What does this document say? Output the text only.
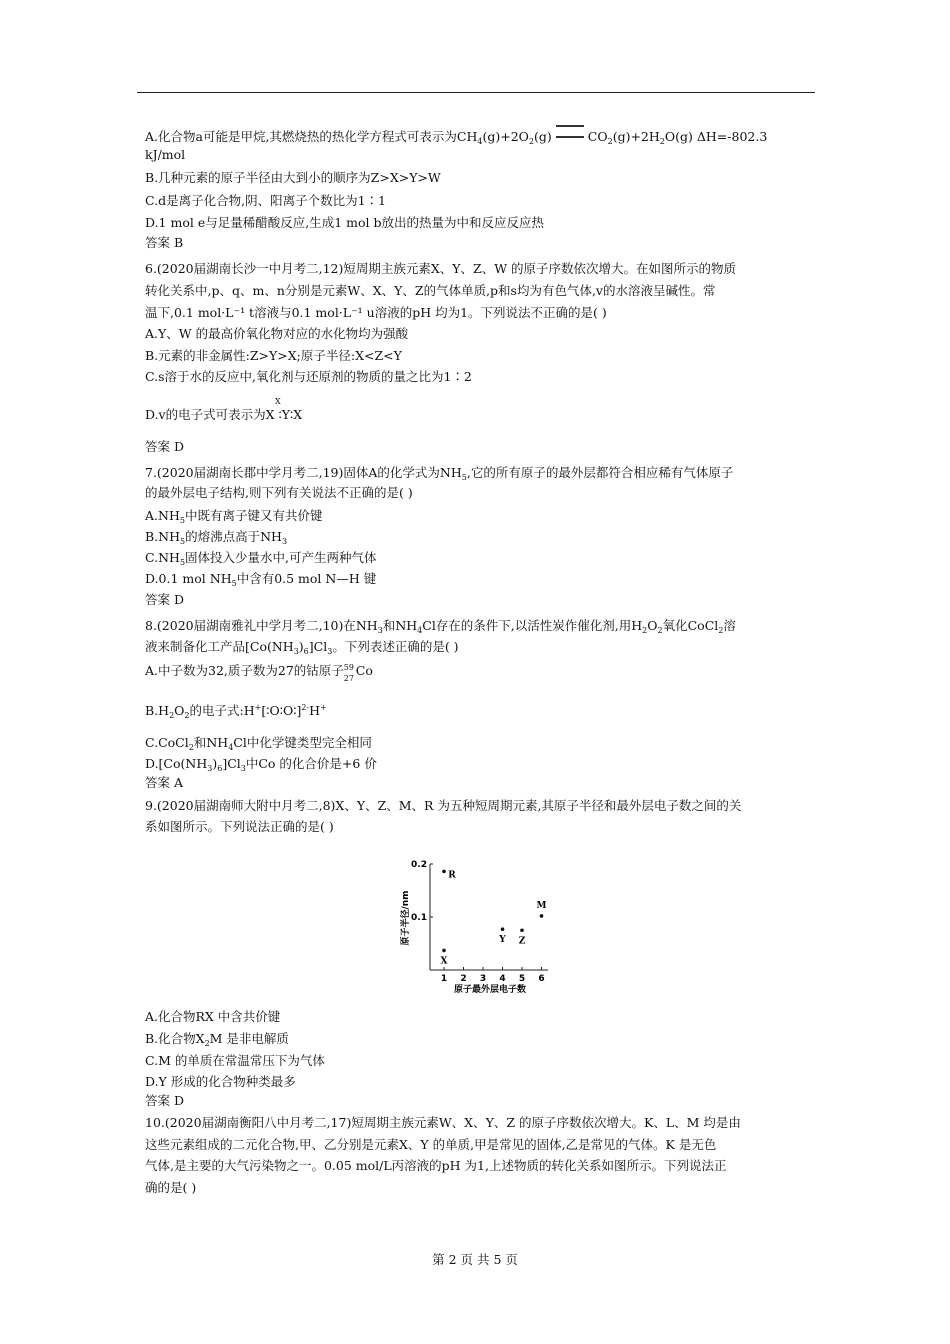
A.化合物a可能是甲烷,其燃烧热的热化学方程式可表示为$CH_4(g)+2O_2(g)$	$CO_2(g)+2H_2O(g)$ ΔH=-802.3
kJ/mol
B.几种元素的原子半径由大到小的顺序为Z>X>Y>W
C.d是离子化合物,阴、阳离子个数比为1∶1
D.1 mol e与足量稀醋酸反应,生成1 mol b放出的热量为中和反应反应热
答案 B
6.(2020届湖南长沙一中月考二,12)短周期主族元素X、Y、Z、W 的原子序数依次增大。在如图所示的物质
转化关系中,p、q、m、n分别是元素W、X、Y、Z的气体单质,p和s均为有色气体,v的水溶液呈碱性。常
温下,0.1 mol·L⁻¹ t溶液与0.1 mol·L⁻¹ u溶液的pH 均为1。下列说法不正确的是( )
A.Y、W 的最高价氧化物对应的水化物均为强酸
B.元素的非金属性:Z>Y>X;原子半径:X<Z<Y
C.s溶于水的反应中,氧化剂与还原剂的物质的量之比为1∶2
X
D.v的电子式可表示为X ∶Y∶X
答案 D
7.(2020届湖南长郡中学月考二,19)固体A的化学式为$NH_5$,它的所有原子的最外层都符合相应稀有气体原子
的最外层电子结构,则下列有关说法不正确的是( )
$A.NH_5$中既有离子键又有共价键
$B.NH_5$的熔沸点高于$NH_3$
$C.NH_5$固体投入少量水中,可产生两种气体
D.0.1 mol $NH_5$中含有0.5 mol N—H 键
答案 D
8.(2020届湖南雅礼中学月考二,10)在$NH_3$和$NH_4Cl$存在的条件下,以活性炭作催化剂,用$H_2O_2$氧化CoCl$_2$溶
液来制备化工产品$[Co(NH_3)_6]Cl_3$。下列表述正确的是( )
A.中子数为32,质子数为27的钴原子 59
27
Co
$B.H_2O_2$的电子式:H+[∶O∶O∶]$^{2-}$H+
C.CoCl$_2$和$NH_4Cl$中化学键类型完全相同
$D.[Co(NH_3)_6]Cl_3$中Co 的化合价是+6 价
答案 A
9.(2020届湖南师大附中月考二,8)X、Y、Z、M、R 为五种短周期元素,其原子半径和最外层电子数之间的关
系如图所示。下列说法正确的是( )
0.1
0.2
1 2 3 4 5 6
X
R
Y Z
M
原子半径/nm
原子最外层电子数
A.化合物RX 中含共价键
B.化合物$X_2M$ 是非电解质
C.M 的单质在常温常压下为气体
D.Y 形成的化合物种类最多
答案 D
10.(2020届湖南衡阳八中月考二,17)短周期主族元素W、X、Y、Z 的原子序数依次增大。K、L、M 均是由
这些元素组成的二元化合物,甲、乙分别是元素X、Y 的单质,甲是常见的固体,乙是常见的气体。K 是无色
气体,是主要的大气污染物之一。0.05 mol/L丙溶液的pH 为1,上述物质的转化关系如图所示。下列说法正
确的是( )
第 2 页 共 5 页
